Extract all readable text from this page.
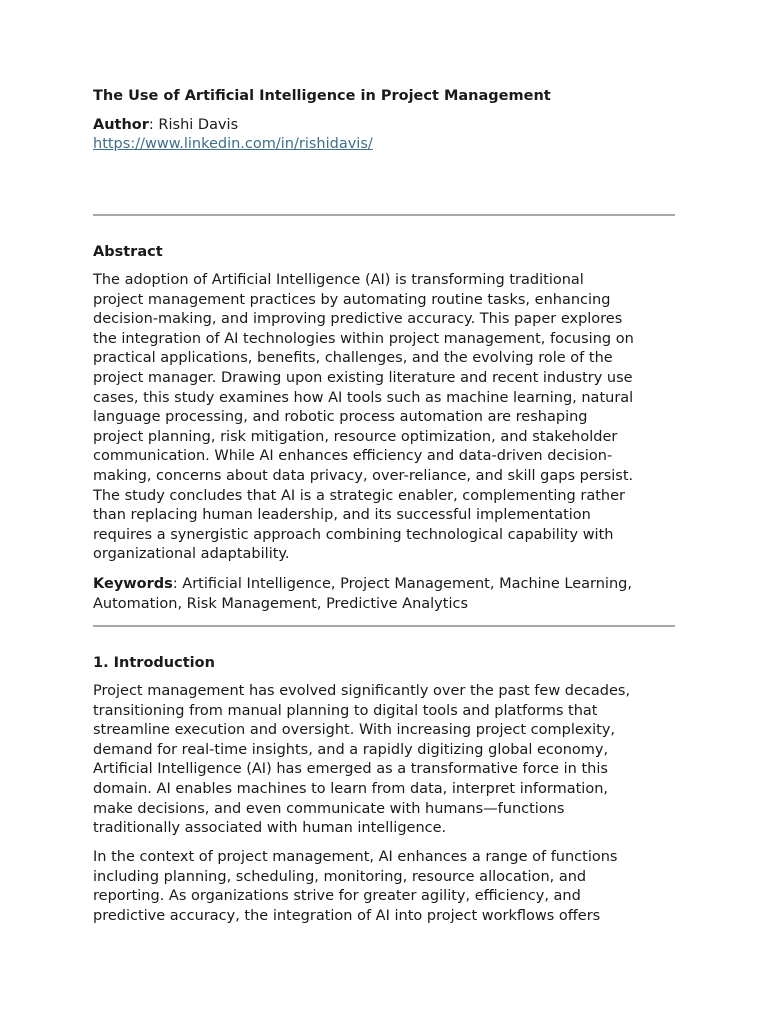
The Use of Artificial Intelligence in Project Management
Author: Rishi Davis
https://www.linkedin.com/in/rishidavis/
Abstract
The adoption of Artificial Intelligence (AI) is transforming traditional
project management practices by automating routine tasks, enhancing
decision-making, and improving predictive accuracy. This paper explores
the integration of AI technologies within project management, focusing on
practical applications, benefits, challenges, and the evolving role of the
project manager. Drawing upon existing literature and recent industry use
cases, this study examines how AI tools such as machine learning, natural
language processing, and robotic process automation are reshaping
project planning, risk mitigation, resource optimization, and stakeholder
communication. While AI enhances efficiency and data-driven decision-
making, concerns about data privacy, over-reliance, and skill gaps persist.
The study concludes that AI is a strategic enabler, complementing rather
than replacing human leadership, and its successful implementation
requires a synergistic approach combining technological capability with
organizational adaptability.
Keywords: Artificial Intelligence, Project Management, Machine Learning,
Automation, Risk Management, Predictive Analytics
1. Introduction
Project management has evolved significantly over the past few decades,
transitioning from manual planning to digital tools and platforms that
streamline execution and oversight. With increasing project complexity,
demand for real-time insights, and a rapidly digitizing global economy,
Artificial Intelligence (AI) has emerged as a transformative force in this
domain. AI enables machines to learn from data, interpret information,
make decisions, and even communicate with humans—functions
traditionally associated with human intelligence.
In the context of project management, AI enhances a range of functions
including planning, scheduling, monitoring, resource allocation, and
reporting. As organizations strive for greater agility, efficiency, and
predictive accuracy, the integration of AI into project workflows offers
